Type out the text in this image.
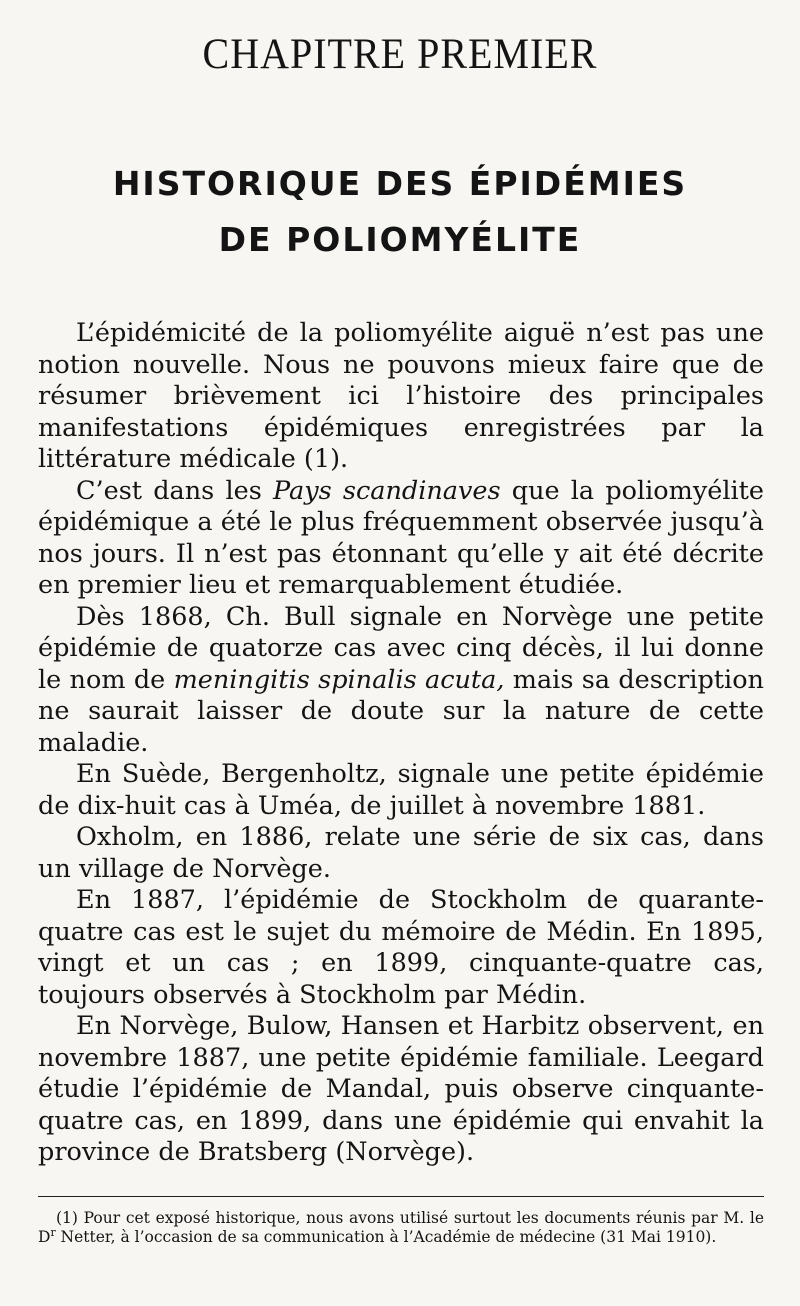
CHAPITRE PREMIER
HISTORIQUE DES ÉPIDÉMIES
DE POLIOMYÉLITE

L’épidémicité de la poliomyélite aiguë n’est pas une notion nouvelle. Nous ne pouvons mieux faire que de résumer brièvement ici l’histoire des principales manifestations épidémiques enregistrées par la littérature médicale (1).

C’est dans les Pays scandinaves que la poliomyélite épidémique a été le plus fréquemment observée jusqu’à nos jours. Il n’est pas étonnant qu’elle y ait été décrite en premier lieu et remarquablement étudiée.

Dès 1868, Ch. Bull signale en Norvège une petite épidémie de quatorze cas avec cinq décès, il lui donne le nom de meningitis spinalis acuta, mais sa description ne saurait laisser de doute sur la nature de cette maladie.

En Suède, Bergenholtz, signale une petite épidémie de dix-huit cas à Uméa, de juillet à novembre 1881.

Oxholm, en 1886, relate une série de six cas, dans un village de Norvège.

En 1887, l’épidémie de Stockholm de quarante-quatre cas est le sujet du mémoire de Médin. En 1895, vingt et un cas ; en 1899, cinquante-quatre cas, toujours observés à Stockholm par Médin.

En Norvège, Bulow, Hansen et Harbitz observent, en novembre 1887, une petite épidémie familiale. Leegard étudie l’épidémie de Mandal, puis observe cinquante-quatre cas, en 1899, dans une épidémie qui envahit la province de Bratsberg (Norvège).

(1) Pour cet exposé historique, nous avons utilisé surtout les documents réunis par M. le $D^r$ Netter, à l’occasion de sa communication à l’Académie de médecine (31 Mai 1910).
